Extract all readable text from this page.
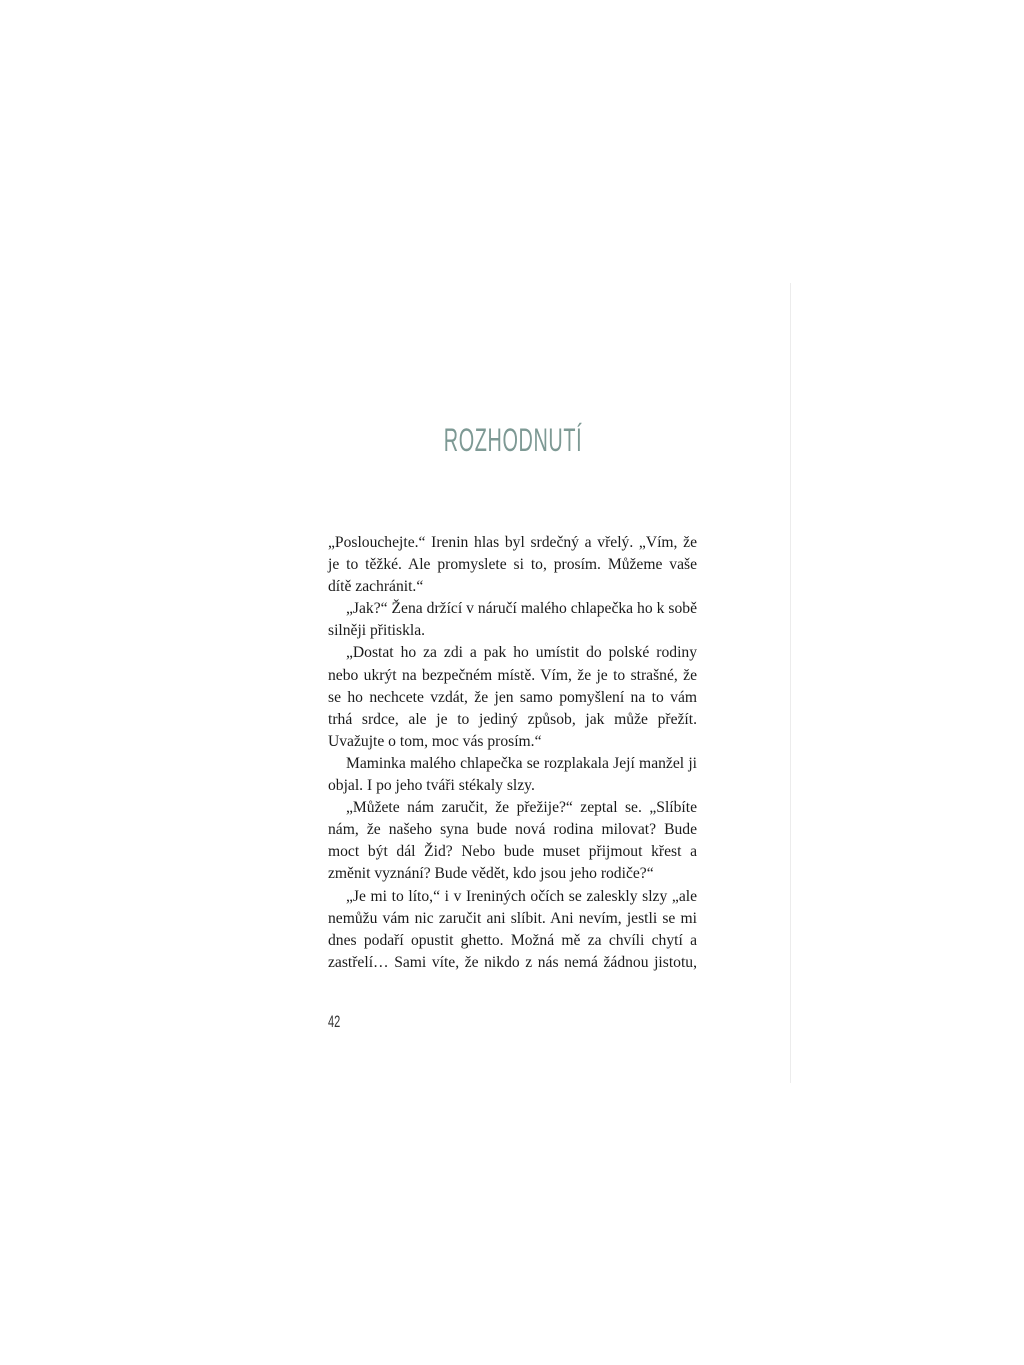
ROZHODNUTÍ

„Poslouchejte.“ Irenin hlas byl srdečný a vřelý. „Vím, že je to těžké. Ale promyslete si to, prosím. Můžeme vaše dítě zachránit.“

„Jak?“ Žena držící v náručí malého chlapečka ho k sobě silněji přitiskla.

„Dostat ho za zdi a pak ho umístit do polské rodiny nebo ukrýt na bezpečném místě. Vím, že je to strašné, že se ho nechcete vzdát, že jen samo pomyšlení na to vám trhá srdce, ale je to jediný způsob, jak může přežít. Uvažujte o tom, moc vás prosím.“

Maminka malého chlapečka se rozplakala Její manžel ji objal. I po jeho tváři stékaly slzy.

„Můžete nám zaručit, že přežije?“ zeptal se. „Slíbíte nám, že našeho syna bude nová rodina milovat? Bude moct být dál Žid? Nebo bude muset přijmout křest a změnit vyznání? Bude vědět, kdo jsou jeho rodiče?“

„Je mi to líto,“ i v Ireniných očích se zaleskly slzy „ale nemůžu vám nic zaručit ani slíbit. Ani nevím, jestli se mi dnes podaří opustit ghetto. Možná mě za chvíli chytí a zastřelí… Sami víte, že nikdo z nás nemá žádnou jistotu,

42
